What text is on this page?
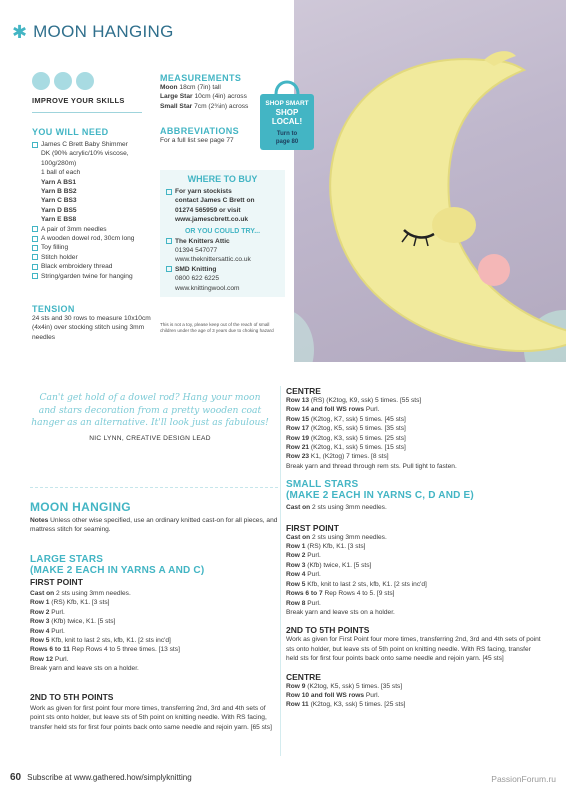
✱ MOON HANGING
SHOP SMART
SHOP
LOCAL!
Turn to
page 80
IMPROVE YOUR SKILLS
YOU WILL NEED
James C Brett Baby Shimmer
DK (90% acrylic/10% viscose,
100g/280m)
1 ball of each
Yarn A BS1
Yarn B BS2
Yarn C BS3
Yarn D BS5
Yarn E BS8
A pair of 3mm needles
A wooden dowel rod, 30cm long
Toy filling
Stitch holder
Black embroidery thread
String/garden twine for hanging
TENSION
24 sts and 30 rows to measure 10x10cm (4x4in) over stocking stitch using 3mm needles
MEASUREMENTS
Moon 18cm (7in) tall
Large Star 10cm (4in) across
Small Star 7cm (2¾in) across
ABBREVIATIONS
For a full list see page 77
WHERE TO BUY
For yarn stockists
contact James C Brett on
01274 565959 or visit
www.jamescbrett.co.uk
OR YOU COULD TRY...
The Knitters Attic
01394 547077
www.theknittersattic.co.uk
SMD Knitting
0800 622 6225
www.knittingwool.com
This is not a toy, please keep out of the reach of small children under the age of 3 years due to choking hazard
Can't get hold of a dowel rod? Hang your moon and stars decoration from a pretty wooden coat hanger as an alternative. It'll look just as fabulous!
NIC LYNN, CREATIVE DESIGN LEAD
MOON HANGING
Notes Unless other wise specified, use an ordinary knitted cast-on for all pieces, and mattress stitch for seaming.
LARGE STARS
(MAKE 2 EACH IN YARNS A AND C)
FIRST POINT
Cast on 2 sts using 3mm needles.
Row 1 (RS) Kfb, K1. [3 sts]
Row 2 Purl.
Row 3 (Kfb) twice, K1. [5 sts]
Row 4 Purl.
Row 5 Kfb, knit to last 2 sts, kfb, K1. [2 sts inc'd]
Rows 6 to 11 Rep Rows 4 to 5 three times. [13 sts]
Row 12 Purl.
Break yarn and leave sts on a holder.
2ND TO 5TH POINTS
Work as given for first point four more times, transferring 2nd, 3rd and 4th sets of point sts onto holder, but leave sts of 5th point on knitting needle. With RS facing, transfer held sts for first four points back onto same needle and rejoin yarn. [65 sts]
CENTRE
Row 13 (RS) (K2tog, K9, ssk) 5 times. [55 sts]
Row 14 and foll WS rows Purl.
Row 15 (K2tog, K7, ssk) 5 times. [45 sts]
Row 17 (K2tog, K5, ssk) 5 times. [35 sts]
Row 19 (K2tog, K3, ssk) 5 times. [25 sts]
Row 21 (K2tog, K1, ssk) 5 times. [15 sts]
Row 23 K1, (K2tog) 7 times. [8 sts]
Break yarn and thread through rem sts. Pull tight to fasten.
SMALL STARS
(MAKE 2 EACH IN YARNS C, D AND E)
Cast on 2 sts using 3mm needles.
FIRST POINT
Cast on 2 sts using 3mm needles.
Row 1 (RS) Kfb, K1. [3 sts]
Row 2 Purl.
Row 3 (Kfb) twice, K1. [5 sts]
Row 4 Purl.
Row 5 Kfb, knit to last 2 sts, kfb, K1. [2 sts inc'd]
Rows 6 to 7 Rep Rows 4 to 5. [9 sts]
Row 8 Purl.
Break yarn and leave sts on a holder.
2ND TO 5TH POINTS
Work as given for First Point four more times, transferring 2nd, 3rd and 4th sets of point sts onto holder, but leave sts of 5th point on knitting needle. With RS facing, transfer held sts for first four points back onto same needle and rejoin yarn. [45 sts]
CENTRE
Row 9 (K2tog, K5, ssk) 5 times. [35 sts]
Row 10 and foll WS rows Purl.
Row 11 (K2tog, K3, ssk) 5 times. [25 sts]
60 Subscribe at www.gathered.how/simplyknitting	PassionForum.ru
